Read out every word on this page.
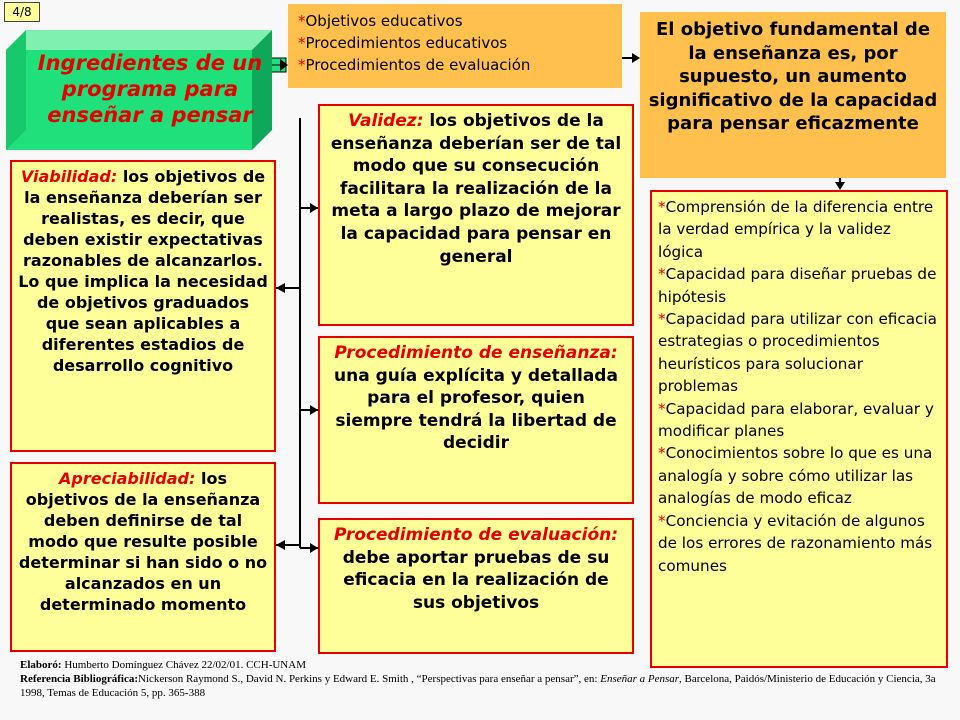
4/8
Ingredientes de un programa para enseñar a pensar
*Objetivos educativos
*Procedimientos educativos
*Procedimientos de evaluación
El objetivo fundamental de la enseñanza es, por supuesto, un aumento significativo de la capacidad para pensar eficazmente
Viabilidad: los objetivos de la enseñanza deberían ser realistas, es decir, que deben existir expectativas razonables de alcanzarlos. Lo que implica la necesidad de objetivos graduados que sean aplicables a diferentes estadios de desarrollo cognitivo
Apreciabilidad: los objetivos de la enseñanza deben definirse de tal modo que resulte posible determinar si han sido o no alcanzados en un determinado momento
Validez: los objetivos de la enseñanza deberían ser de tal modo que su consecución facilitara la realización de la meta a largo plazo de mejorar la capacidad para pensar en general
Procedimiento de enseñanza: una guía explícita y detallada para el profesor, quien siempre tendrá la libertad de decidir
Procedimiento de evaluación: debe aportar pruebas de su eficacia en la realización de sus objetivos
*Comprensión de la diferencia entre la verdad empírica y la validez lógica
*Capacidad para diseñar pruebas de hipótesis
*Capacidad para utilizar con eficacia estrategias o procedimientos heurísticos para solucionar problemas
*Capacidad para elaborar, evaluar y modificar planes
*Conocimientos sobre lo que es una analogía y sobre cómo utilizar las analogías de modo eficaz
*Conciencia y evitación de algunos de los errores de razonamiento más comunes
Elaboró: Humberto Domínguez Chávez 22/02/01. CCH-UNAM
Referencia Bibliográfica:Nickerson Raymond S., David N. Perkins y Edward E. Smith , “Perspectivas para enseñar a pensar”, en: Enseñar a Pensar, Barcelona, Paidós/Ministerio de Educación y Ciencia, 3a 1998, Temas de Educación 5, pp. 365-388
